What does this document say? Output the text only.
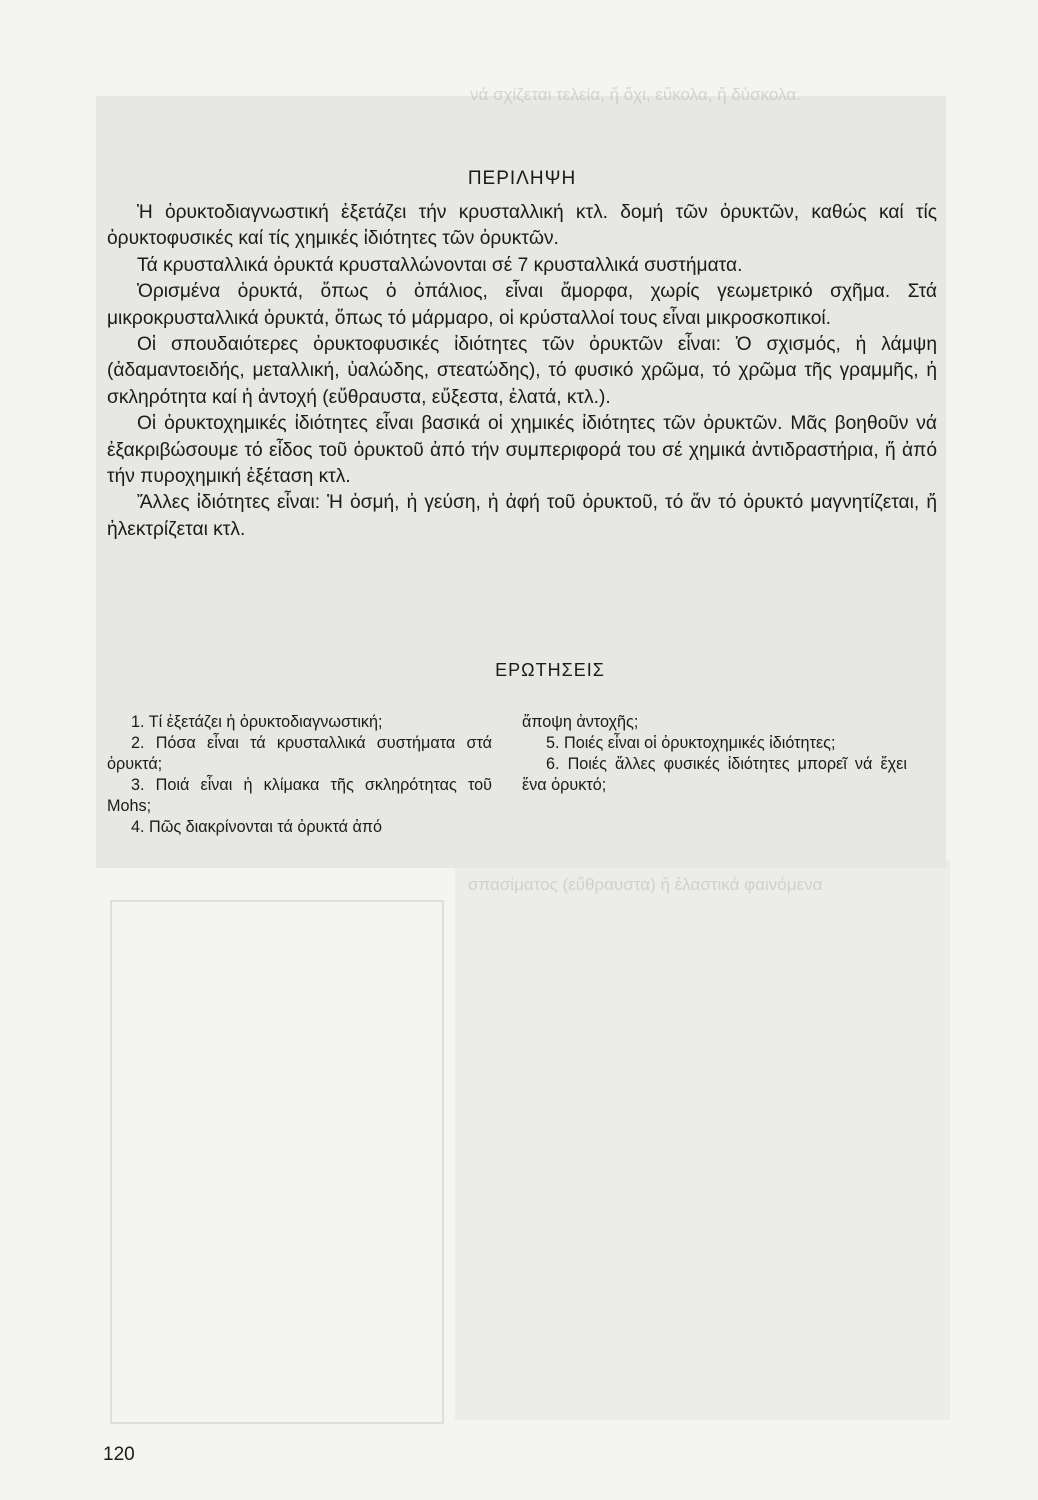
νά σχίζεται τελεία, ἤ ὄχι, εὔκολα, ἤ δύσκολα.
σπασίματος (εὔθραυστα) ἤ ἐλαστικά φαινόμενα
ΠΕΡΙΛΗΨΗ

Ἡ ὀρυκτοδιαγνωστική ἐξετάζει τήν κρυσταλλική κτλ. δομή τῶν ὀρυκτῶν, καθώς καί τίς ὀρυκτοφυσικές καί τίς χημικές ἰδιότητες τῶν ὀρυκτῶν.

Τά κρυσταλλικά ὀρυκτά κρυσταλλώνονται σέ 7 κρυσταλλικά συστήματα.

Ὁρισμένα ὀρυκτά, ὅπως ὁ ὀπάλιος, εἶναι ἄμορφα, χωρίς γεωμετρικό σχῆμα. Στά μικροκρυσταλλικά ὀρυκτά, ὅπως τό μάρμαρο, οἱ κρύσταλλοί τους εἶναι μικροσκοπικοί.

Οἱ σπουδαιότερες ὀρυκτοφυσικές ἰδιότητες τῶν ὀρυκτῶν εἶναι: Ὁ σχισμός, ἡ λάμψη (ἀδαμαντοειδής, μεταλλική, ὑαλώδης, στεατώδης), τό φυσικό χρῶμα, τό χρῶμα τῆς γραμμῆς, ἡ σκληρότητα καί ἡ ἀντοχή (εὔθραυστα, εὔξεστα, ἐλατά, κτλ.).

Οἱ ὀρυκτοχημικές ἰδιότητες εἶναι βασικά οἱ χημικές ἰδιότητες τῶν ὀρυκτῶν. Μᾶς βοηθοῦν νά ἐξακριβώσουμε τό εἶδος τοῦ ὀρυκτοῦ ἀπό τήν συμπεριφορά του σέ χημικά ἀντιδραστήρια, ἤ ἀπό τήν πυροχημική ἐξέταση κτλ.

Ἄλλες ἰδιότητες εἶναι: Ἡ ὀσμή, ἡ γεύση, ἡ ἀφή τοῦ ὀρυκτοῦ, τό ἄν τό ὀρυκτό μαγνητίζεται, ἤ ἠλεκτρίζεται κτλ.

ΕΡΩΤΗΣΕΙΣ

1. Τί ἐξετάζει ἡ ὀρυκτοδιαγνωστική;

2. Πόσα εἶναι τά κρυσταλλικά συστήματα στά ὀρυκτά;

3. Ποιά εἶναι ἡ κλίμακα τῆς σκληρότητας τοῦ Mohs;

4. Πῶς διακρίνονται τά ὀρυκτά ἀπό

ἄποψη ἀντοχῆς;

5. Ποιές εἶναι οἱ ὀρυκτοχημικές ἰδιότητες;

6. Ποιές ἄλλες φυσικές ἰδιότητες μπορεῖ νά ἔχει ἕνα ὀρυκτό;

120
